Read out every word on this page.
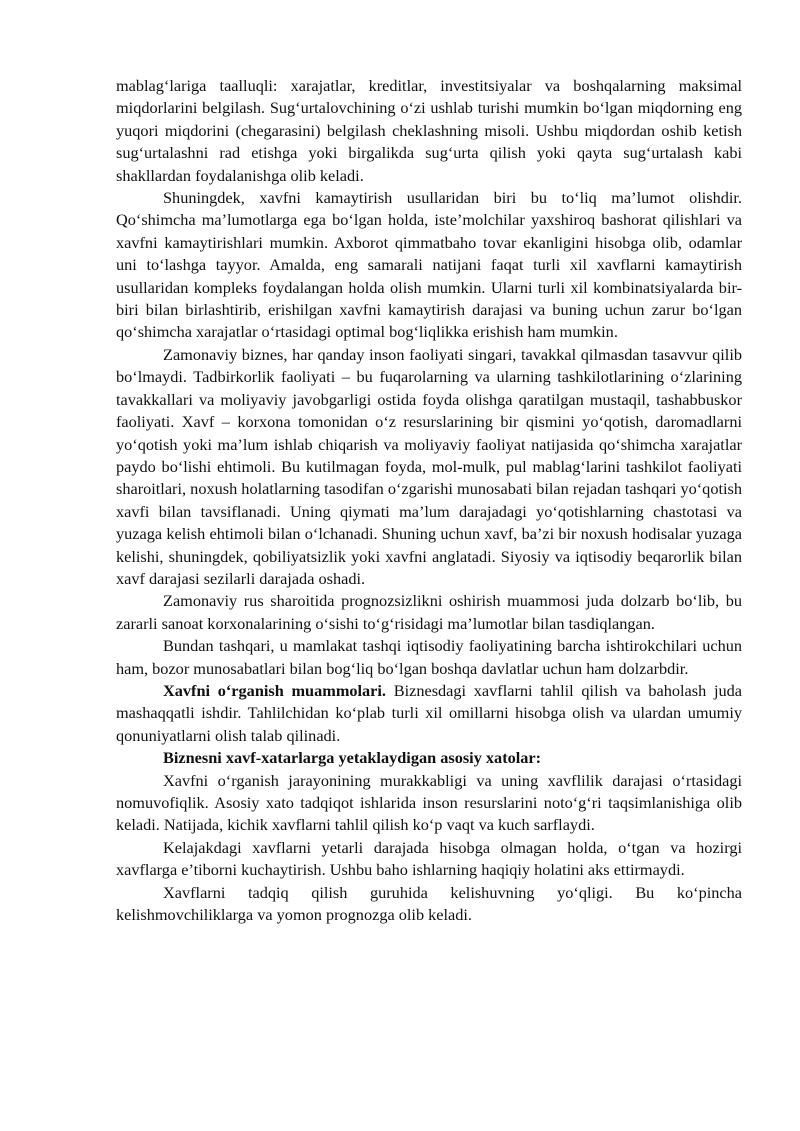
mablag‘lariga taalluqli: xarajatlar, kreditlar, investitsiyalar va boshqalarning maksimal miqdorlarini belgilash. Sug‘urtalovchining o‘zi ushlab turishi mumkin bo‘lgan miqdorning eng yuqori miqdorini (chegarasini) belgilash cheklashning misoli. Ushbu miqdordan oshib ketish sug‘urtalashni rad etishga yoki birgalikda sug‘urta qilish yoki qayta sug‘urtalash kabi shakllardan foydalanishga olib keladi.

Shuningdek, xavfni kamaytirish usullaridan biri bu to‘liq ma’lumot olishdir. Qo‘shimcha ma’lumotlarga ega bo‘lgan holda, iste’molchilar yaxshiroq bashorat qilishlari va xavfni kamaytirishlari mumkin. Axborot qimmatbaho tovar ekanligini hisobga olib, odamlar uni to‘lashga tayyor. Amalda, eng samarali natijani faqat turli xil xavflarni kamaytirish usullaridan kompleks foydalangan holda olish mumkin. Ularni turli xil kombinatsiyalarda bir-biri bilan birlashtirib, erishilgan xavfni kamaytirish darajasi va buning uchun zarur bo‘lgan qo‘shimcha xarajatlar o‘rtasidagi optimal bog‘liqlikka erishish ham mumkin.

Zamonaviy biznes, har qanday inson faoliyati singari, tavakkal qilmasdan tasavvur qilib bo‘lmaydi. Tadbirkorlik faoliyati – bu fuqarolarning va ularning tashkilotlarining o‘zlarining tavakkallari va moliyaviy javobgarligi ostida foyda olishga qaratilgan mustaqil, tashabbuskor faoliyati. Xavf – korxona tomonidan o‘z resurslarining bir qismini yo‘qotish, daromadlarni yo‘qotish yoki ma’lum ishlab chiqarish va moliyaviy faoliyat natijasida qo‘shimcha xarajatlar paydo bo‘lishi ehtimoli. Bu kutilmagan foyda, mol-mulk, pul mablag‘larini tashkilot faoliyati sharoitlari, noxush holatlarning tasodifan o‘zgarishi munosabati bilan rejadan tashqari yo‘qotish xavfi bilan tavsiflanadi. Uning qiymati ma’lum darajadagi yo‘qotishlarning chastotasi va yuzaga kelish ehtimoli bilan o‘lchanadi. Shuning uchun xavf, ba’zi bir noxush hodisalar yuzaga kelishi, shuningdek, qobiliyatsizlik yoki xavfni anglatadi. Siyosiy va iqtisodiy beqarorlik bilan xavf darajasi sezilarli darajada oshadi.

Zamonaviy rus sharoitida prognozsizlikni oshirish muammosi juda dolzarb bo‘lib, bu zararli sanoat korxonalarining o‘sishi to‘g‘risidagi ma’lumotlar bilan tasdiqlangan.

Bundan tashqari, u mamlakat tashqi iqtisodiy faoliyatining barcha ishtirokchilari uchun ham, bozor munosabatlari bilan bog‘liq bo‘lgan boshqa davlatlar uchun ham dolzarbdir.

Xavfni o‘rganish muammolari. Biznesdagi xavflarni tahlil qilish va baholash juda mashaqqatli ishdir. Tahlilchidan ko‘plab turli xil omillarni hisobga olish va ulardan umumiy qonuniyatlarni olish talab qilinadi.

Biznesni xavf-xatarlarga yetaklaydigan asosiy xatolar:

Xavfni o‘rganish jarayonining murakkabligi va uning xavflilik darajasi o‘rtasidagi nomuvofiqlik. Asosiy xato tadqiqot ishlarida inson resurslarini noto‘g‘ri taqsimlanishiga olib keladi. Natijada, kichik xavflarni tahlil qilish ko‘p vaqt va kuch sarflaydi.

Kelajakdagi xavflarni yetarli darajada hisobga olmagan holda, o‘tgan va hozirgi xavflarga e’tiborni kuchaytirish. Ushbu baho ishlarning haqiqiy holatini aks ettirmaydi.

Xavflarni tadqiq qilish guruhida kelishuvning yo‘qligi. Bu ko‘pincha kelishmovchiliklarga va yomon prognozga olib keladi.
